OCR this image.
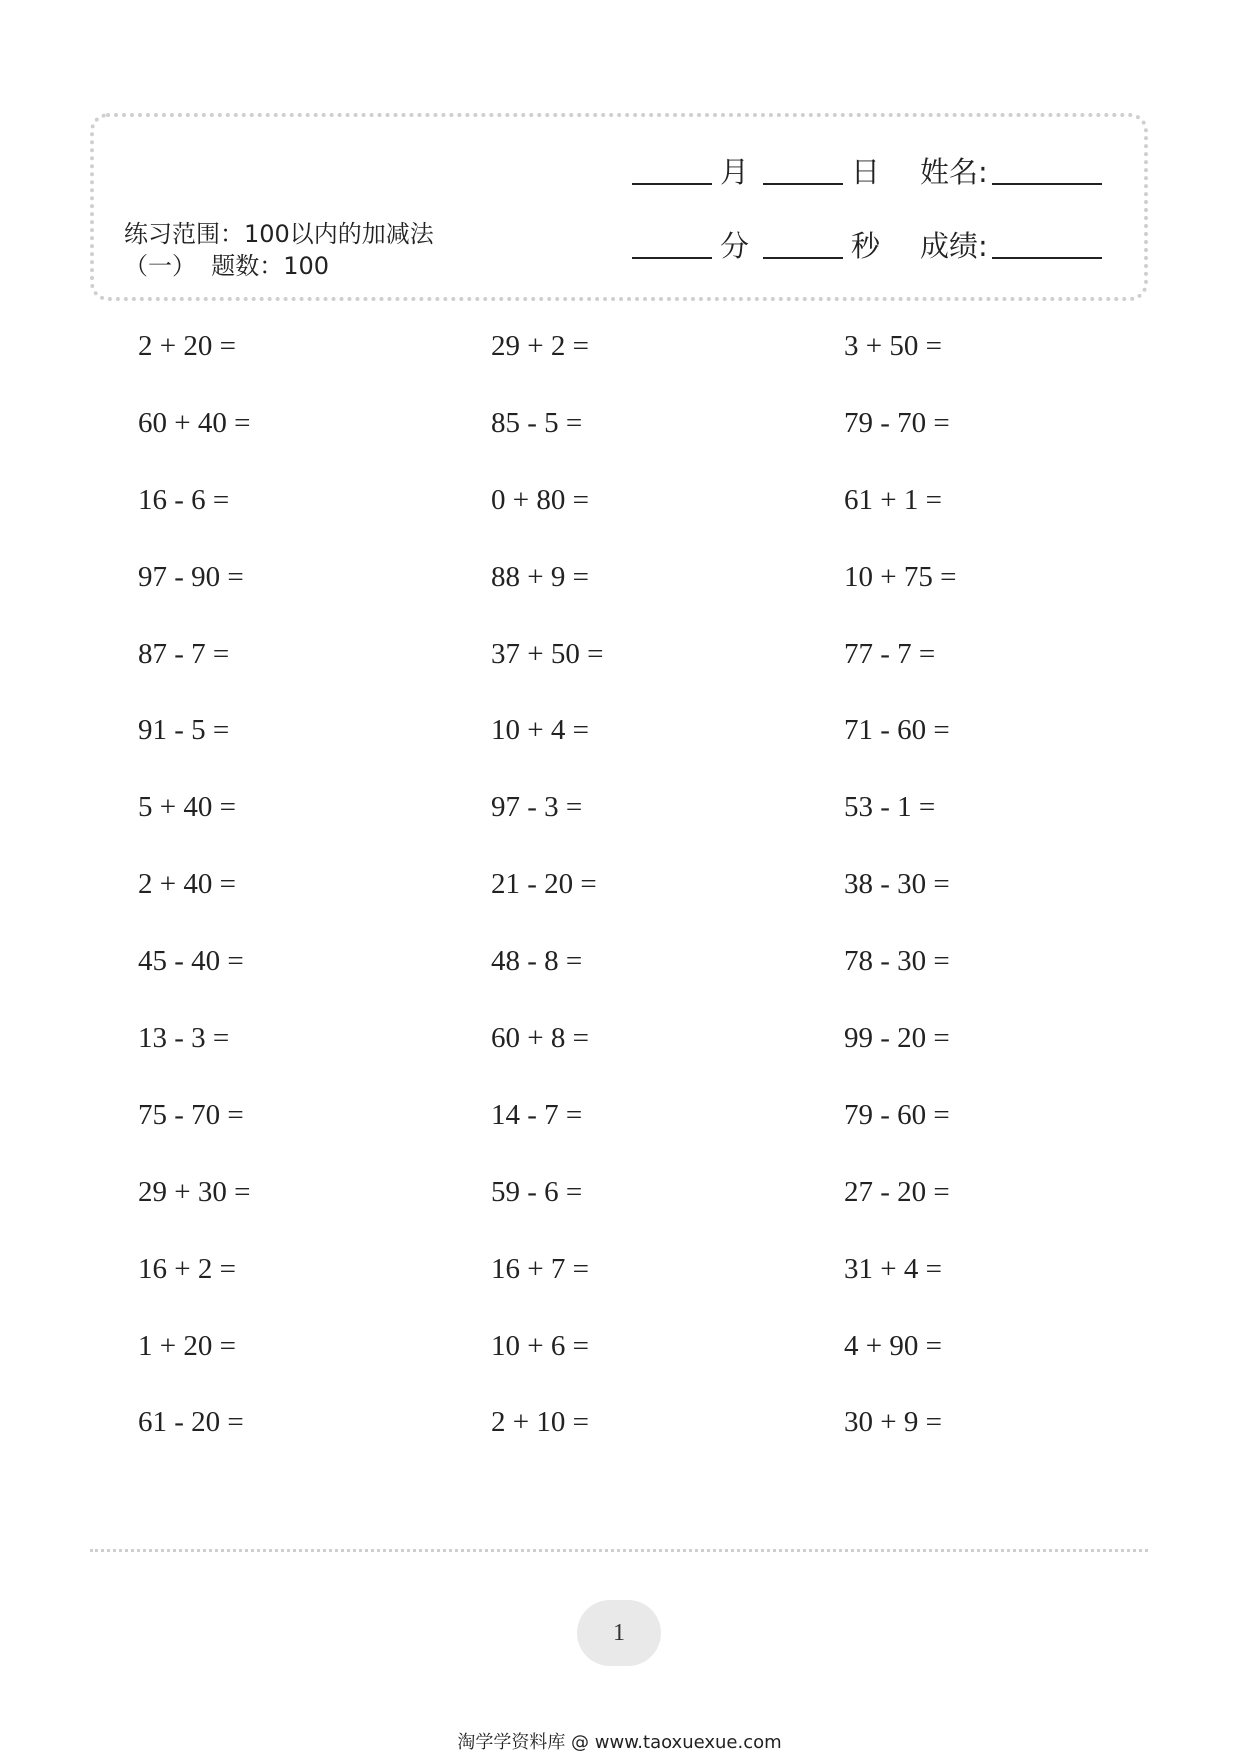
月	日 姓名:
分	秒 成绩:
练习范围：100以内的加减法
（一）  题数：100
2 + 20 =	29 + 2 =	3 + 50 =
60 + 40 =	85 - 5 =	79 - 70 =
16 - 6 =	0 + 80 =	61 + 1 =
97 - 90 =	88 + 9 =	10 + 75 =
87 - 7 =	37 + 50 =	77 - 7 =
91 - 5 =	10 + 4 =	71 - 60 =
5 + 40 =	97 - 3 =	53 - 1 =
2 + 40 =	21 - 20 =	38 - 30 =
45 - 40 =	48 - 8 =	78 - 30 =
13 - 3 =	60 + 8 =	99 - 20 =
75 - 70 =	14 - 7 =	79 - 60 =
29 + 30 =	59 - 6 =	27 - 20 =
16 + 2 =	16 + 7 =	31 + 4 =
1 + 20 =	10 + 6 =	4 + 90 =
61 - 20 =	2 + 10 =	30 + 9 =
1
淘学学资料库 @ www.taoxuexue.com
